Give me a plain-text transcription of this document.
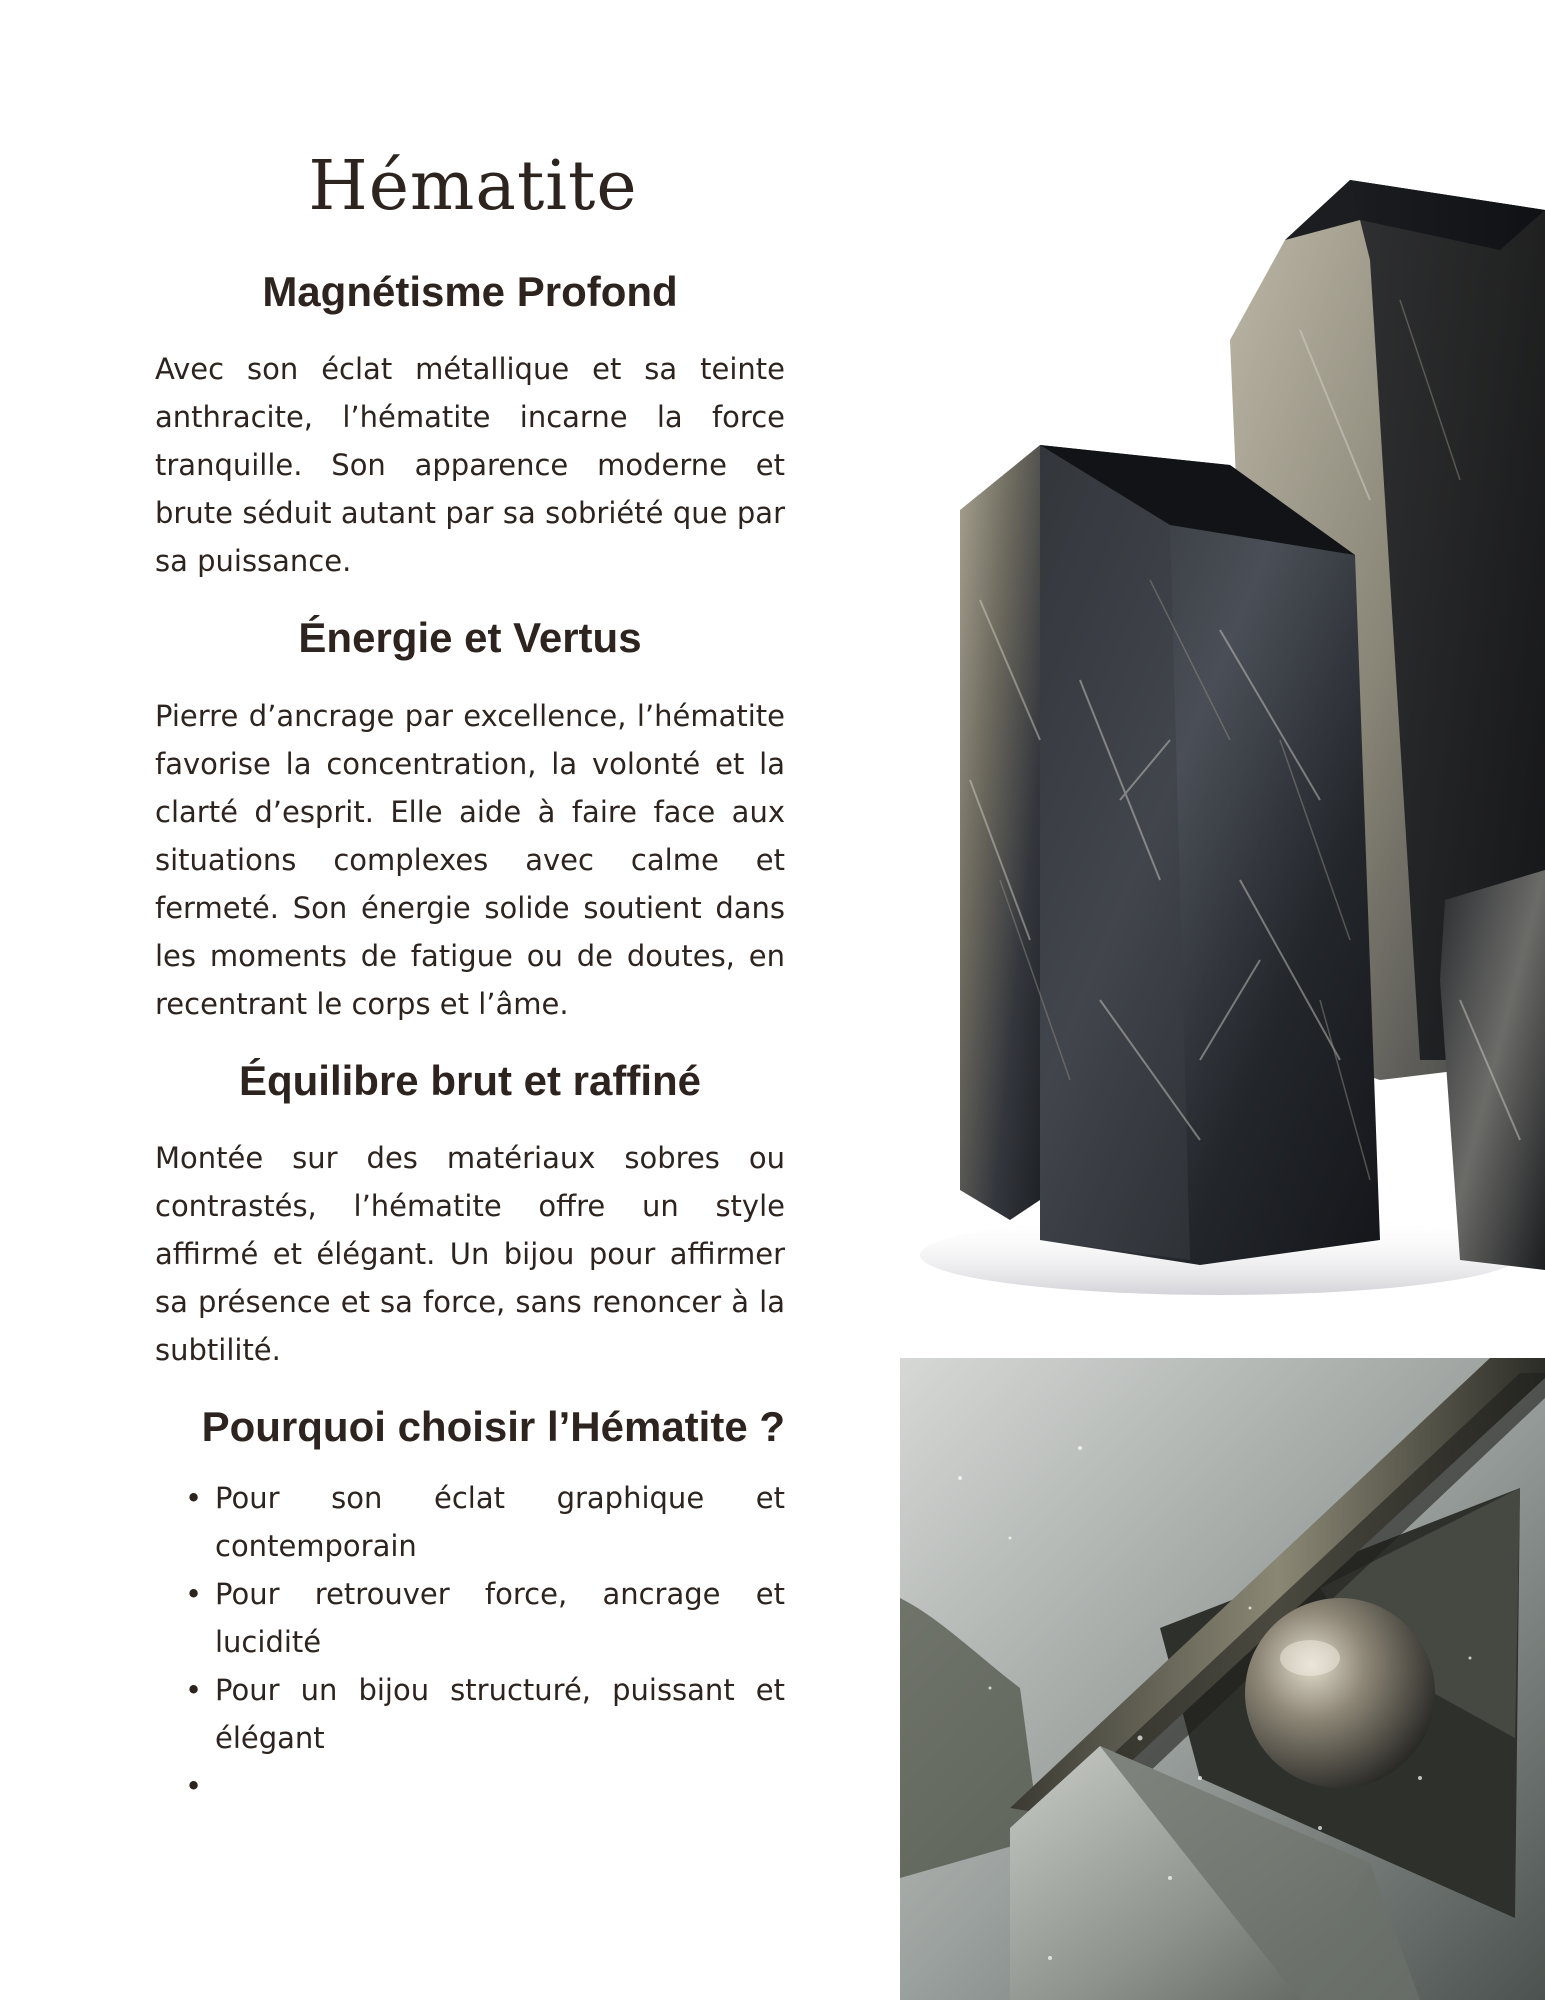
Hématite
Magnétisme Profond

Avec son éclat métallique et sa teinte anthracite, l’hématite incarne la force tranquille. Son apparence moderne et brute séduit autant par sa sobriété que par sa puissance.

Énergie et Vertus

Pierre d’ancrage par excellence, l’hématite favorise la concentration, la volonté et la clarté d’esprit. Elle aide à faire face aux situations complexes avec calme et fermeté. Son énergie solide soutient dans les moments de fatigue ou de doutes, en recentrant le corps et l’âme.

Équilibre brut et raffiné

Montée sur des matériaux sobres ou contrastés, l’hématite offre un style affirmé et élégant. Un bijou pour affirmer sa présence et sa force, sans renoncer à la subtilité.

Pourquoi choisir l’Hématite ?
• Pour son éclat graphique et contemporain
• Pour retrouver force, ancrage et lucidité
• Pour un bijou structuré, puissant et élégant
•
